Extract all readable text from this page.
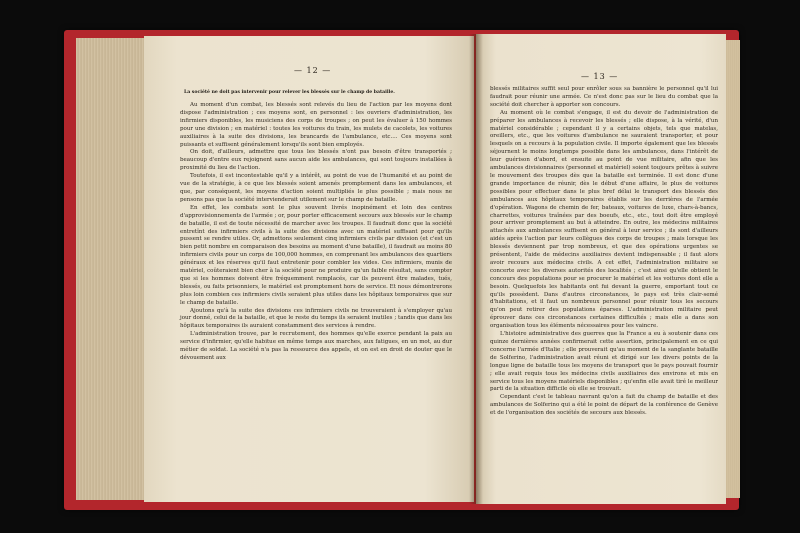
— 12 —
La société ne doit pas intervenir pour relever les blessés sur le champ de bataille.

Au moment d'un combat, les blessés sont relevés du lieu de l'action par les moyens dont dispose l'administration ; ces moyens sont, en personnel : les ouvriers d'administration, les infirmiers disponibles, les musiciens des corps de troupes ; on peut les évaluer à 150 hommes pour une division ; en matériel : toutes les voitures du train, les mulets de cacolets, les voitures auxiliaires à la suite des divisions, les brancards de l'ambulance, etc.... Ces moyens sont puissants et suffisent généralement lorsqu'ils sont bien employés.

On doit, d'ailleurs, admettre que tous les blessés n'ont pas besoin d'être transportés ; beaucoup d'entre eux rejoignent sans aucun aide les ambulances, qui sont toujours installées à proximité du lieu de l'action.

Toutefois, il est incontestable qu'il y a intérêt, au point de vue de l'humanité et au point de vue de la stratégie, à ce que les blessés soient amenés promptement dans les ambulances, et que, par conséquent, les moyens d'action soient multipliés le plus possible ; mais nous ne pensons pas que la société intervienderait utilement sur le champ de bataille.

En effet, les combats sont le plus souvent livrés inopinément et loin des centres d'approvisionnements de l'armée ; or, pour porter efficacement secours aux blessés sur le champ de bataille, il est de toute nécessité de marcher avec les troupes. Il faudrait donc que la société entretînt des infirmiers civils à la suite des divisions avec un matériel suffisant pour qu'ils pussent se rendre utiles. Or, admettons seulement cinq infirmiers civils par division (et c'est un bien petit nombre en comparaison des besoins au moment d'une bataille), il faudrait au moins 80 infirmiers civils pour un corps de 100,000 hommes, en comprenant les ambulances des quartiers généraux et les réserves qu'il faut entretenir pour combler les vides. Ces infirmiers, munis de matériel, coûteraient bien cher à la société pour ne produire qu'un faible résultat, sans compter que si les hommes doivent être fréquemment remplacés, car ils peuvent être malades, tués, blessés, ou faits prisonniers, le matériel est promptement hors de service. Et nous démontrerons plus loin combien ces infirmiers civils seraient plus utiles dans les hôpitaux temporaires que sur le champ de bataille.

Ajoutons qu'à la suite des divisions ces infirmiers civils ne trouveraient à s'employer qu'au jour donné, celui de la bataille, et que le reste du temps ils seraient inutiles ; tandis que dans les hôpitaux temporaires ils auraient constamment des services à rendre.

L'administration trouve, par le recrutement, des hommes qu'elle exerce pendant la paix au service d'infirmier, qu'elle habitue en même temps aux marches, aux fatigues, en un mot, au dur métier de soldat. La société n'a pas la ressource des appels, et on est en droit de douter que le dévouement aux

— 13 —

blessés militaires suffit seul pour enrôler sous sa bannière le personnel qu'il lui faudrait pour réunir une armée. Ce n'est donc pas sur le lieu du combat que la société doit chercher à apporter son concours.

Au moment où le combat s'engage, il est du devoir de l'administration de préparer les ambulances à recevoir les blessés ; elle dispose, à la vérité, d'un matériel considérable ; cependant il y a certains objets, tels que matelas, oreillers, etc., que les voitures d'ambulance ne sauraient transporter, et pour lesquels on a recours à la population civile. Il importe également que les blessés séjournent le moins longtemps possible dans les ambulances, dans l'intérêt de leur guérison d'abord, et ensuite au point de vue militaire, afin que les ambulances divisionnaires (personnel et matériel) soient toujours prêtes à suivre le mouvement des troupes dès que la bataille est terminée. Il est donc d'une grande importance de réunir, dès le début d'une affaire, le plus de voitures possibles pour effectuer dans le plus bref délai le transport des blessés des ambulances aux hôpitaux temporaires établis sur les derrières de l'armée d'opération. Wagons de chemin de fer, bateaux, voitures de luxe, chars-à-bancs, charrettes, voitures traînées par des boeufs, etc., etc., tout doit être employé pour arriver promptement au but à atteindre. En outre, les médecins militaires attachés aux ambulances suffisent en général à leur service ; ils sont d'ailleurs aidés après l'action par leurs collègues des corps de troupes ; mais lorsque les blessés deviennent par trop nombreux, et que des opérations urgentes se présentent, l'aide de médecins auxiliaires devient indispensable ; il faut alors avoir recours aux médecins civils. A cet effet, l'administration militaire se concerte avec les diverses autorités des localités ; c'est ainsi qu'elle obtient le concours des populations pour se procurer le matériel et les voitures dont elle a besoin. Quelquefois les habitants ont fui devant la guerre, emportant tout ce qu'ils possèdent. Dans d'autres circonstances, le pays est très clair-semé d'habitations, et il faut un nombreux personnel pour réunir tous les secours qu'on peut retirer des populations éparses. L'administration militaire peut éprouver dans ces circonstances certaines difficultés ; mais elle a dans son organisation tous les éléments nécessaires pour les vaincre.

L'histoire administrative des guerres que la France a eu à soutenir dans ces quinze dernières années confirmerait cette assertion, principalement en ce qui concerne l'armée d'Italie ; elle prouverait qu'au moment de la sanglante bataille de Solferino, l'administration avait réuni et dirigé sur les divers points de la longue ligne de bataille tous les moyens de transport que le pays pouvait fournir ; elle avait requis tous les médecins civils auxiliaires des environs et mis en service tous les moyens matériels disponibles ; qu'enfin elle avait tiré le meilleur parti de la situation difficile où elle se trouvait.

Cependant c'est le tableau navrant qu'on a fait du champ de bataille et des ambulances de Solferino qui a été le point de départ de la conférence de Genève et de l'organisation des sociétés de secours aux blessés.
